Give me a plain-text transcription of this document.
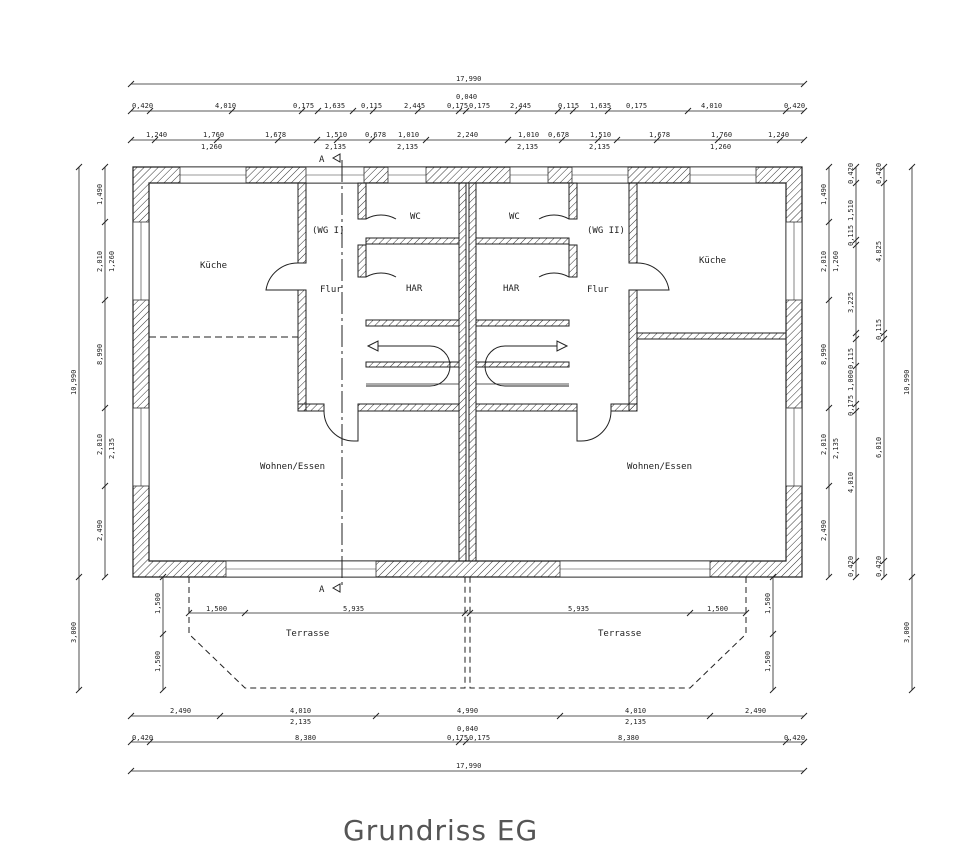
A
A
Küche	Küche
WC	WC
(WG I)	(WG II)
Flur	Flur
HAR	HAR
Wohnen/Essen	Wohnen/Essen
Terrasse	Terrasse
17,990
0,040
0,420	4,010	0,175 1,635 0,115	2,445	0,175 0,175	2,445	0,115 1,635 0,175	4,010	0,420
1,240	1,760	1,678	1,510	0,678 1,010	2,240	1,010 0,678	1,510	1,678	1,760	1,240
1,260	2,135	2,135	2,135	2,135	1,260
10,990
3,000
1,490
2,010
8,990
2,010
2,490
1,260
2,135
1,500
1,500
10,990
3,000
1,490
2,010
8,990
2,010
2,490
1,260
2,135
0,420
1,510
0,115
3,225
0,115
1,000
0,175
4,010
0,420
0,420
4,825
0,115
6,010
0,420
1,500
1,500
1,500	5,935	5,935	1,500
2,490	4,010	4,990	4,010	2,490
2,135	2,135
0,040
0,420	8,380	0,175 0,175	8,380	0,420
17,990
Grundriss EG
